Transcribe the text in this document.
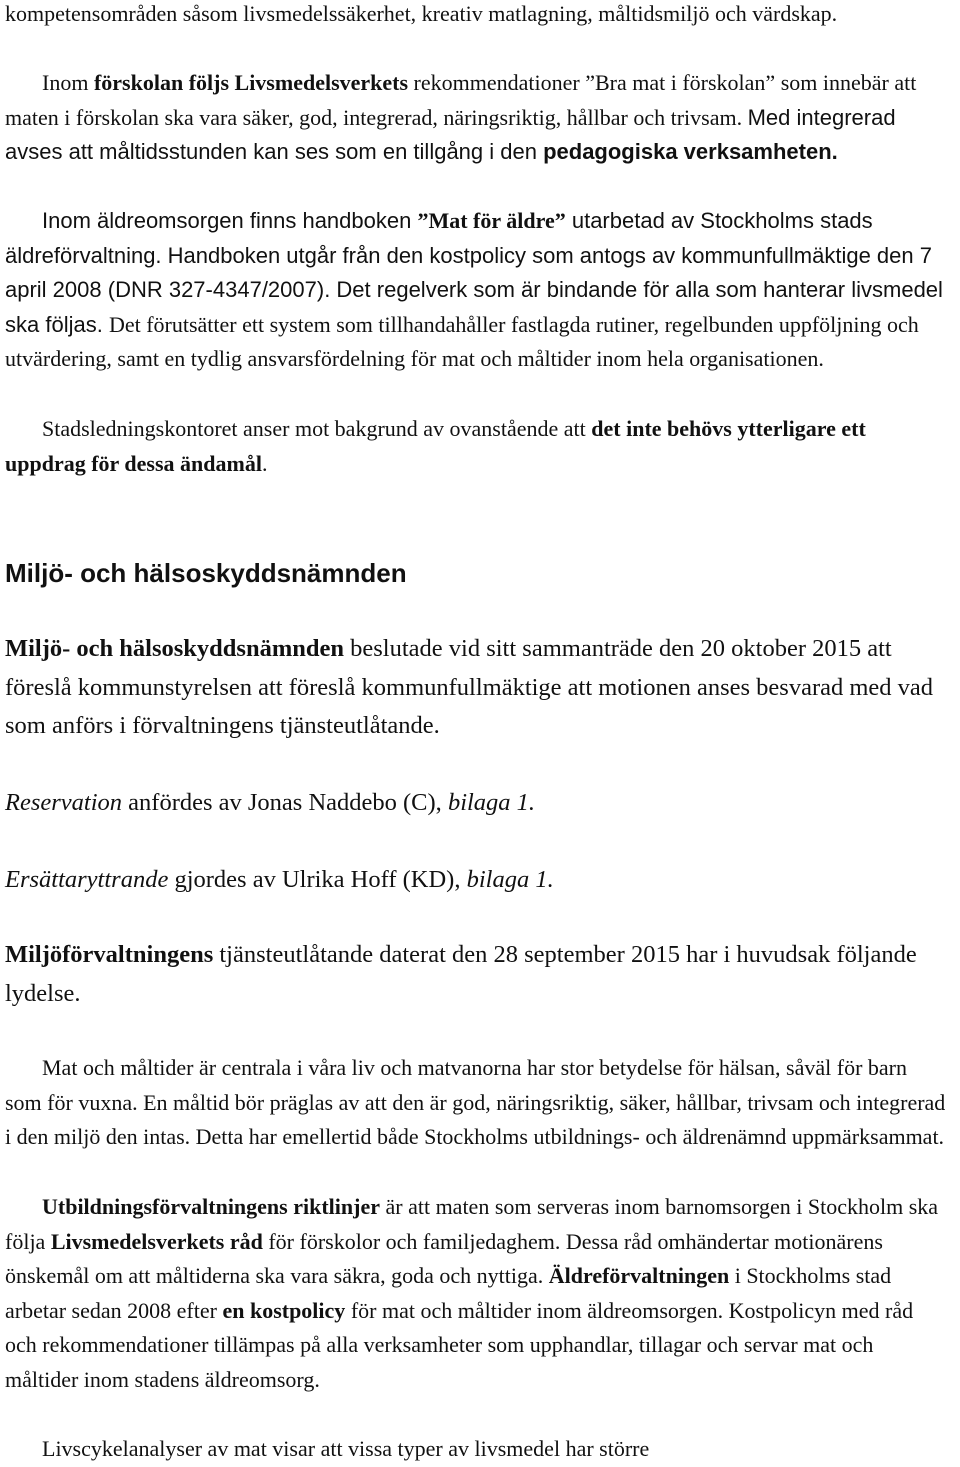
kompetensområden såsom livsmedelssäkerhet, kreativ matlagning, måltidsmiljö och värdskap.

Inom förskolan följs Livsmedelsverkets rekommendationer ”Bra mat i förskolan” som innebär att maten i förskolan ska vara säker, god, integrerad, näringsriktig, hållbar och trivsam. Med integrerad avses att måltidsstunden kan ses som en tillgång i den pedagogiska verksamheten.

Inom äldreomsorgen finns handboken ”Mat för äldre” utarbetad av Stockholms stads äldreförvaltning. Handboken utgår från den kostpolicy som antogs av kommunfullmäktige den 7 april 2008 (DNR 327-4347/2007). Det regelverk som är bindande för alla som hanterar livsmedel ska följas. Det förutsätter ett system som tillhandahåller fastlagda rutiner, regelbunden uppföljning och utvärdering, samt en tydlig ansvarsfördelning för mat och måltider inom hela organisationen.

Stadsledningskontoret anser mot bakgrund av ovanstående att det inte behövs ytterligare ett uppdrag för dessa ändamål.

Miljö- och hälsoskyddsnämnden

Miljö- och hälsoskyddsnämnden beslutade vid sitt sammanträde den 20 oktober 2015 att föreslå kommunstyrelsen att föreslå kommunfullmäktige att motionen anses besvarad med vad som anförs i förvaltningens tjänsteutlåtande.

Reservation anfördes av Jonas Naddebo (C), bilaga 1.

Ersättaryttrande gjordes av Ulrika Hoff (KD), bilaga 1.

Miljöförvaltningens tjänsteutlåtande daterat den 28 september 2015 har i huvudsak följande lydelse.

Mat och måltider är centrala i våra liv och matvanorna har stor betydelse för hälsan, såväl för barn som för vuxna. En måltid bör präglas av att den är god, näringsriktig, säker, hållbar, trivsam och integrerad i den miljö den intas. Detta har emellertid både Stockholms utbildnings- och äldrenämnd uppmärksammat.

Utbildningsförvaltningens riktlinjer är att maten som serveras inom barnomsorgen i Stockholm ska följa Livsmedelsverkets råd för förskolor och familjedaghem. Dessa råd omhändertar motionärens önskemål om att måltiderna ska vara säkra, goda och nyttiga. Äldreförvaltningen i Stockholms stad arbetar sedan 2008 efter en kostpolicy för mat och måltider inom äldreomsorgen. Kostpolicyn med råd och rekommendationer tillämpas på alla verksamheter som upphandlar, tillagar och servar mat och måltider inom stadens äldreomsorg.

Livscykelanalyser av mat visar att vissa typer av livsmedel har större
